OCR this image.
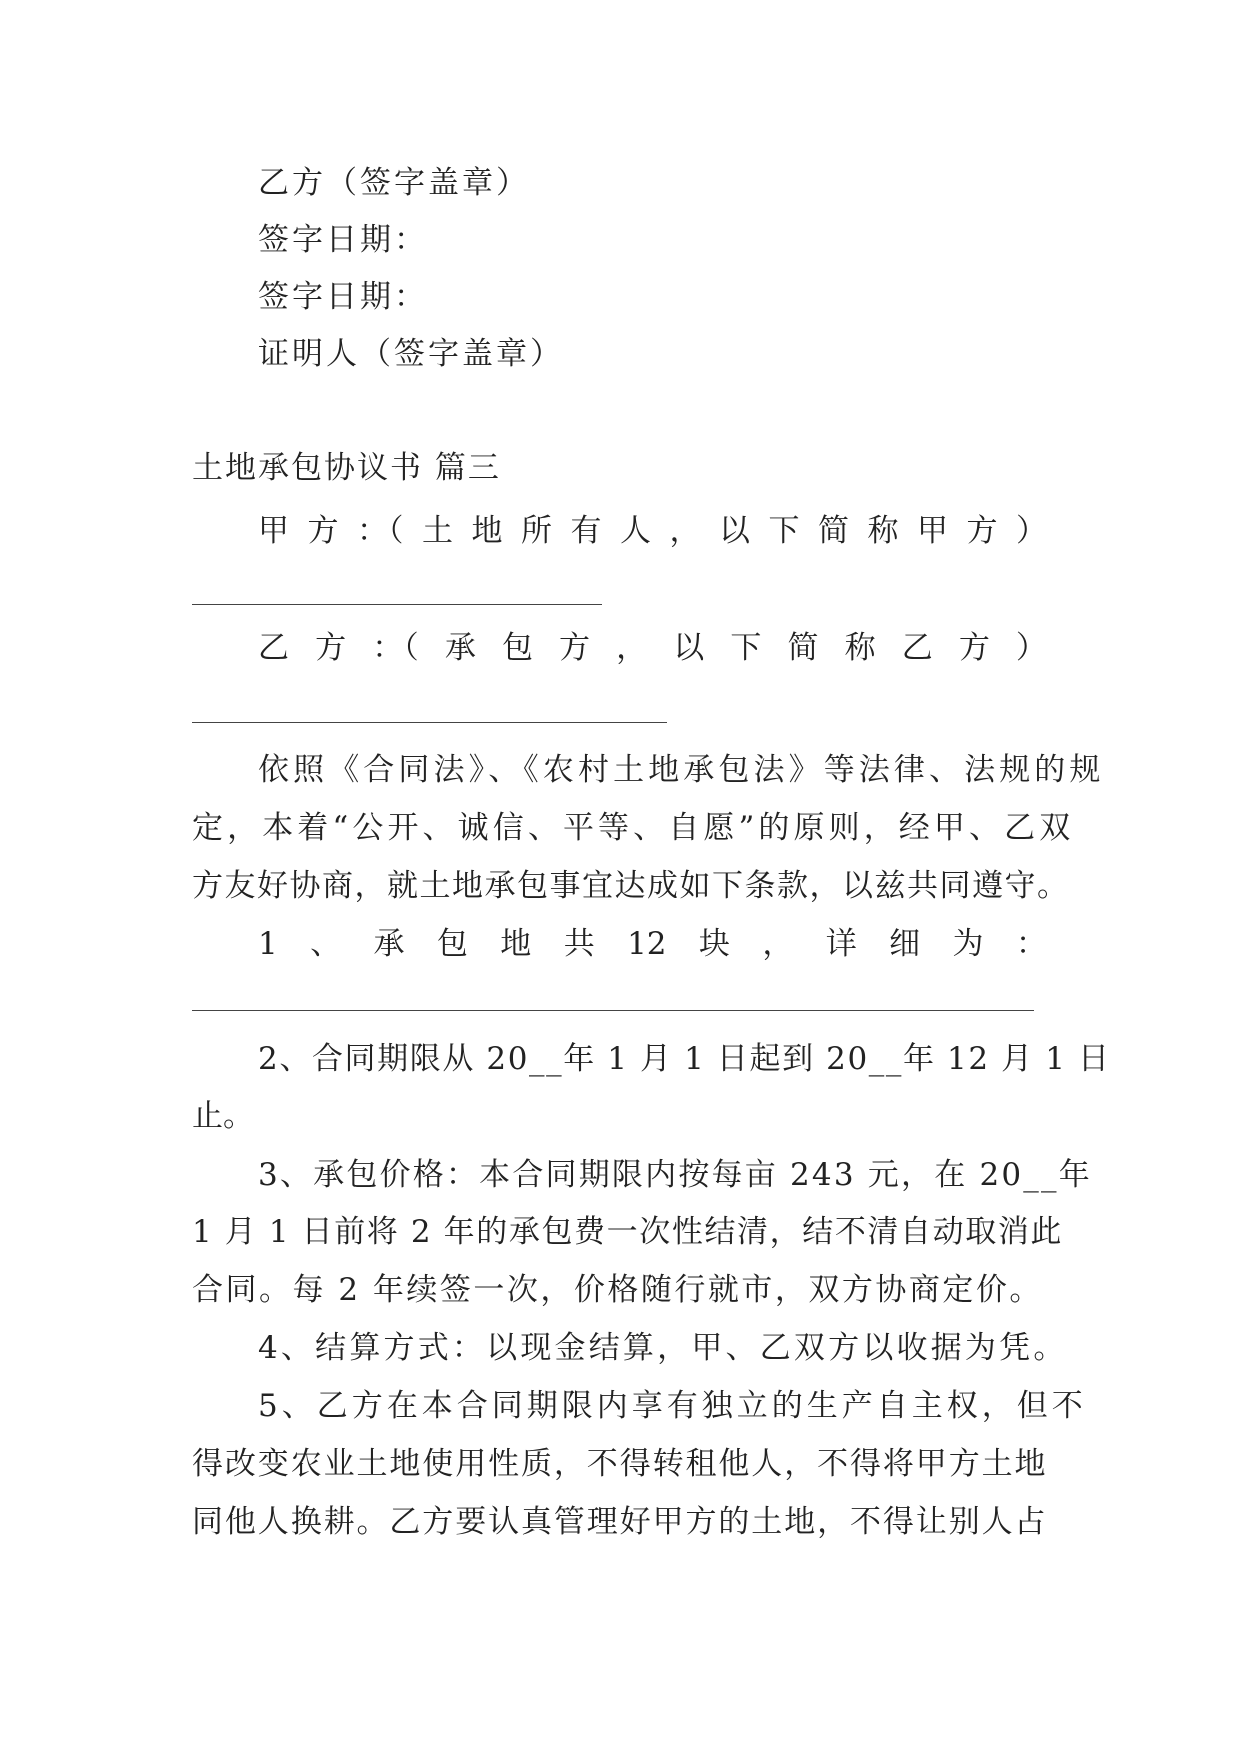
乙方（签字盖章）
签字日期：
签字日期：
证明人（签字盖章）
土地承包协议书 篇三
甲 方 ：（ 土 地 所 有 人 ， 以 下 简 称 甲 方 ）
乙 方 ：（ 承 包 方 ， 以 下 简 称 乙 方 ）
依照《合同法》、《农村土地承包法》等法律、法规的规
定，本着“公开、诚信、平等、自愿”的原则，经甲、乙双
方友好协商，就土地承包事宜达成如下条款，以兹共同遵守。
1 、 承 包 地 共 12 块 ， 详 细 为 ：
2、合同期限从 20__年 1 月 1 日起到 20__年 12 月 1 日
止。
3、承包价格：本合同期限内按每亩 243 元，在 20__年
1 月 1 日前将 2 年的承包费一次性结清，结不清自动取消此
合同。每 2 年续签一次，价格随行就市，双方协商定价。
4、结算方式：以现金结算，甲、乙双方以收据为凭。
5、乙方在本合同期限内享有独立的生产自主权，但不
得改变农业土地使用性质，不得转租他人，不得将甲方土地
同他人换耕。乙方要认真管理好甲方的土地，不得让别人占
